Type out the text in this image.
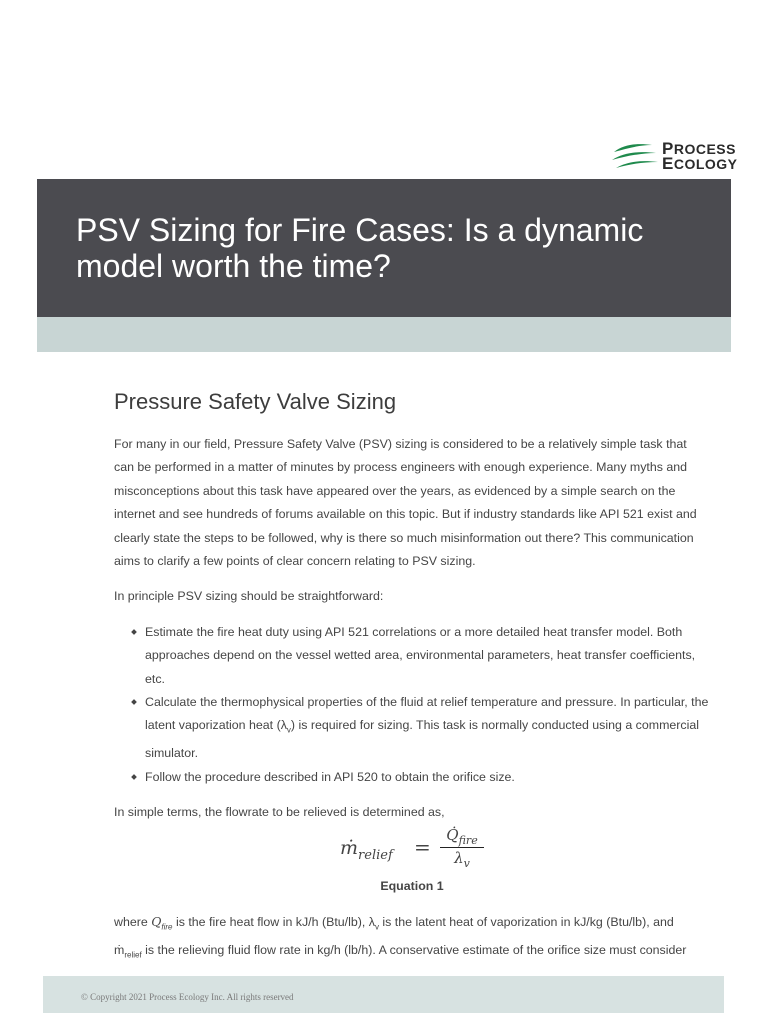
PROCESS
ECOLOGY
PSV Sizing for Fire Cases: Is a dynamic model worth the time?
Pressure Safety Valve Sizing

For many in our field, Pressure Safety Valve (PSV) sizing is considered to be a relatively simple task that can be performed in a matter of minutes by process engineers with enough experience. Many myths and misconceptions about this task have appeared over the years, as evidenced by a simple search on the internet and see hundreds of forums available on this topic. But if industry standards like API 521 exist and clearly state the steps to be followed, why is there so much misinformation out there? This communication aims to clarify a few points of clear concern relating to PSV sizing.

In principle PSV sizing should be straightforward:

Estimate the fire heat duty using API 521 correlations or a more detailed heat transfer model. Both approaches depend on the vessel wetted area, environmental parameters, heat transfer coefficients, etc.
Calculate the thermophysical properties of the fluid at relief temperature and pressure. In particular, the latent vaporization heat $(\lambda_v)$ is required for sizing. This task is normally conducted using a commercial simulator.
Follow the procedure described in API 520 to obtain the orifice size.

In simple terms, the flowrate to be relieved is determined as,

ṁ$_{relief}$ =	$Q̇_{fire}$
$\lambda_v$
Equation 1

where $Q_{fire}$ is the fire heat flow in kJ/h (Btu/lb), $\lambda_v$ is the latent heat of vaporization in kJ/kg (Btu/lb), and
ṁ$_{relief}$ is the relieving fluid flow rate in kg/h (lb/h). A conservative estimate of the orifice size must consider

© Copyright 2021 Process Ecology Inc. All rights reserved
